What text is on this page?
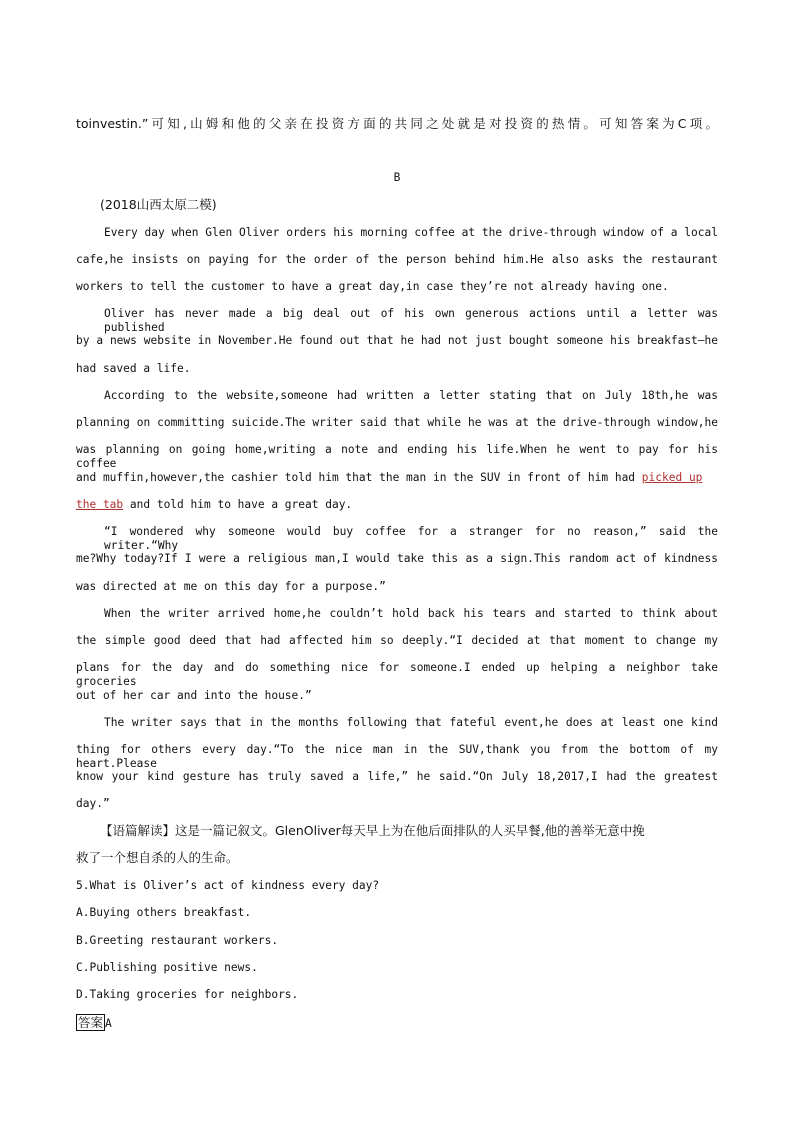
toinvestin.”可知,山姆和他的父亲在投资方面的共同之处就是对投资的热情。可知答案为C项。
B
(2018山西太原二模)
Every day when Glen Oliver orders his morning coffee at the drive-through window of a local
cafe,he insists on paying for the order of the person behind him.He also asks the restaurant
workers to tell the customer to have a great day,in case they’re not already having one.
Oliver has never made a big deal out of his own generous actions until a letter was published
by a news website in November.He found out that he had not just bought someone his breakfast—he
had saved a life.
According to the website,someone had written a letter stating that on July 18th,he was
planning on committing suicide.The writer said that while he was at the drive-through window,he
was planning on going home,writing a note and ending his life.When he went to pay for his coffee
and muffin,however,the cashier told him that the man in the SUV in front of him had picked up
the tab and told him to have a great day.
“I wondered why someone would buy coffee for a stranger for no reason,” said the writer.“Why
me?Why today?If I were a religious man,I would take this as a sign.This random act of kindness
was directed at me on this day for a purpose.”
When the writer arrived home,he couldn’t hold back his tears and started to think about
the simple good deed that had affected him so deeply.“I decided at that moment to change my
plans for the day and do something nice for someone.I ended up helping a neighbor take groceries
out of her car and into the house.”
The writer says that in the months following that fateful event,he does at least one kind
thing for others every day.“To the nice man in the SUV,thank you from the bottom of my heart.Please
know your kind gesture has truly saved a life,” he said.“On July 18,2017,I had the greatest
day.”
【语篇解读】这是一篇记叙文。GlenOliver每天早上为在他后面排队的人买早餐,他的善举无意中挽
救了一个想自杀的人的生命。
5.What is Oliver’s act of kindness every day?
A.Buying others breakfast.
B.Greeting restaurant workers.
C.Publishing positive news.
D.Taking groceries for neighbors.
答案 A
